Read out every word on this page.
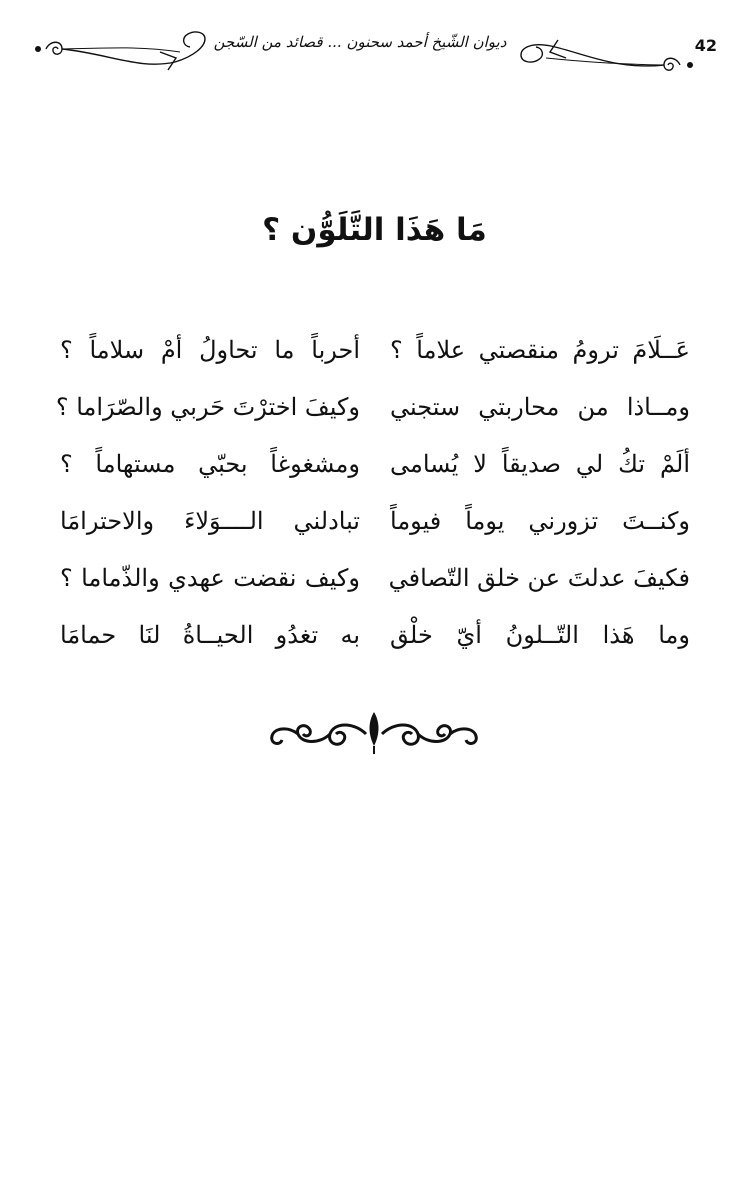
42
ديوان الشّيخ أحمد سحنون ... قصائد من السّجن
مَا هَذَا التَّلَوُّن ؟
عَــلَامَ ترومُ منقصتي علاماً ؟
أحرباً ما تحاولُ أمْ سلاماً ؟
ومــاذا من محاربتي ستجني
وكيفَ اخترْتَ حَربي والصّرَاما ؟
ألَمْ تكُ لي صديقاً لا يُسامى
ومشغوغاً بحبّي مستهاماً ؟
وكنــتَ تزورني يوماً فيوماً
تبادلني الــــوَلاءَ والاحترامَا
فكيفَ عدلتَ عن خلق التّصافي
وكيف نقضت عهدي والذّماما ؟
وما هَذا التّــلونُ أيّ خلْق
به تغدُو الحيــاةُ لنَا حمامَا
